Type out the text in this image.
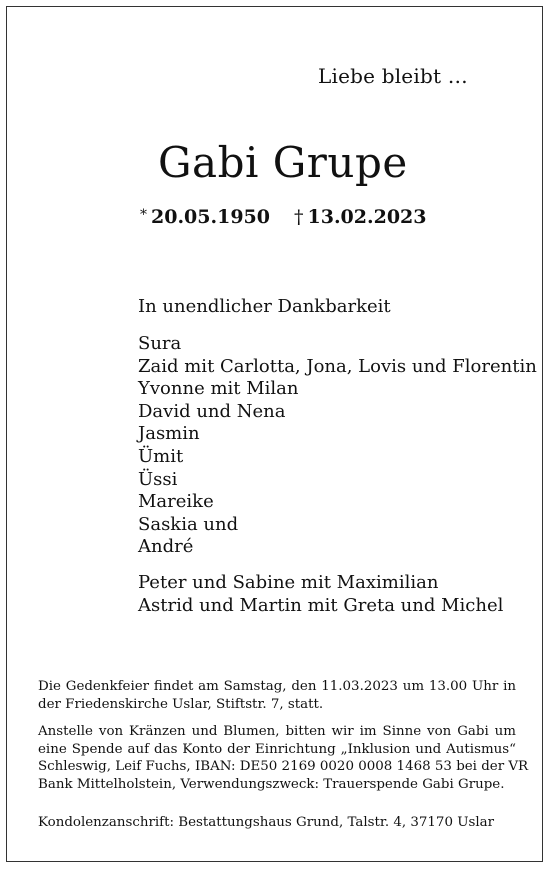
Liebe bleibt …
Gabi Grupe
* 20.05.1950 † 13.02.2023
In unendlicher Dankbarkeit
Sura
Zaid mit Carlotta, Jona, Lovis und Florentin
Yvonne mit Milan
David und Nena
Jasmin
Ümit
Üssi
Mareike
Saskia und
André
Peter und Sabine mit Maximilian
Astrid und Martin mit Greta und Michel

Die Gedenkfeier findet am Samstag, den 11.03.2023 um 13.00 Uhr in
der Friedenskirche Uslar, Stiftstr. 7, statt.

Anstelle von Kränzen und Blumen, bitten wir im Sinne von Gabi um
eine Spende auf das Konto der Einrichtung „Inklusion und Autismus“
Schleswig, Leif Fuchs, IBAN: DE50 2169 0020 0008 1468 53 bei der VR
Bank Mittelholstein, Verwendungszweck: Trauerspende Gabi Grupe.

Kondolenzanschrift: Bestattungshaus Grund, Talstr. 4, 37170 Uslar
